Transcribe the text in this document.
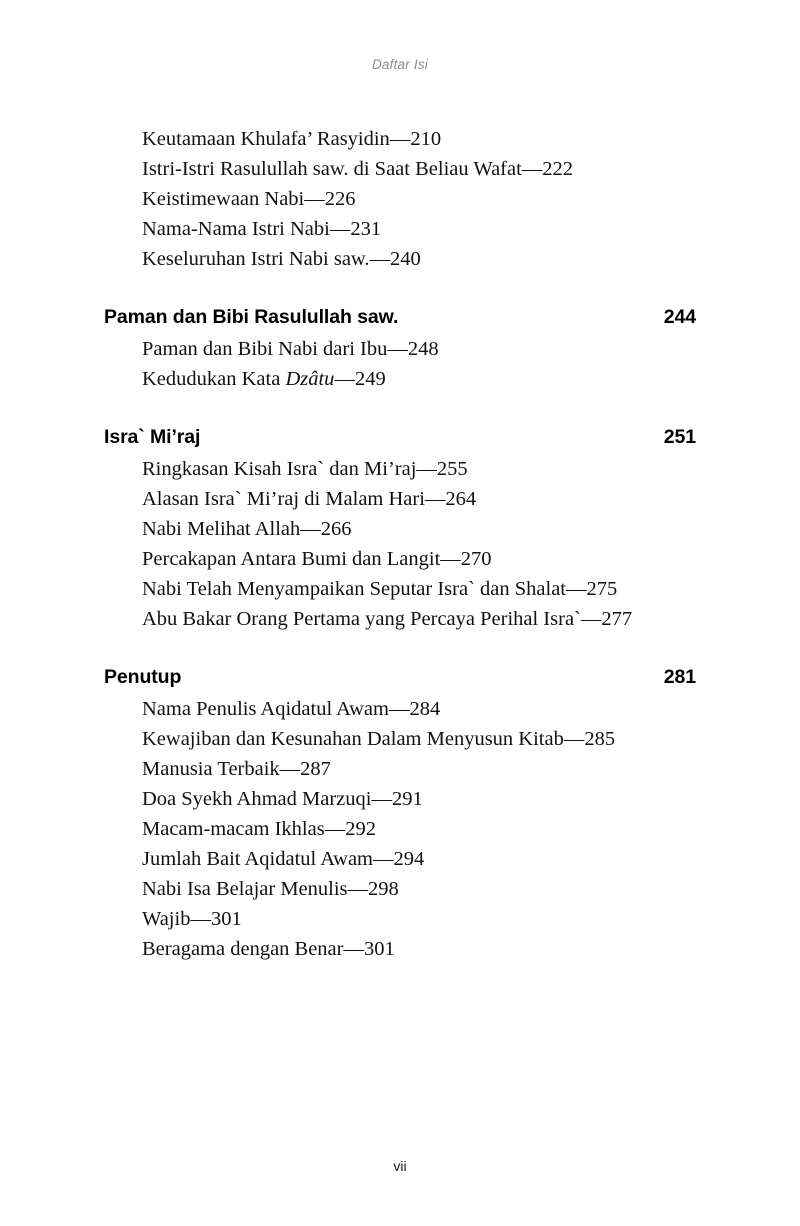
Daftar Isi
Keutamaan Khulafa’ Rasyidin—210
Istri-Istri Rasulullah saw. di Saat Beliau Wafat—222
Keistimewaan Nabi—226
Nama-Nama Istri Nabi—231
Keseluruhan Istri Nabi saw.—240
Paman dan Bibi Rasulullah saw.	244
Paman dan Bibi Nabi dari Ibu—248
Kedudukan Kata Dzâtu—249
Isra` Mi’raj	251
Ringkasan Kisah Isra` dan Mi’raj—255
Alasan Isra` Mi’raj di Malam Hari—264
Nabi Melihat Allah—266
Percakapan Antara Bumi dan Langit—270
Nabi Telah Menyampaikan Seputar Isra` dan Shalat—275
Abu Bakar Orang Pertama yang Percaya Perihal Isra`—277
Penutup	281
Nama Penulis Aqidatul Awam—284
Kewajiban dan Kesunahan Dalam Menyusun Kitab—285
Manusia Terbaik—287
Doa Syekh Ahmad Marzuqi—291
Macam-macam Ikhlas—292
Jumlah Bait Aqidatul Awam—294
Nabi Isa Belajar Menulis—298
Wajib—301
Beragama dengan Benar—301
vii
